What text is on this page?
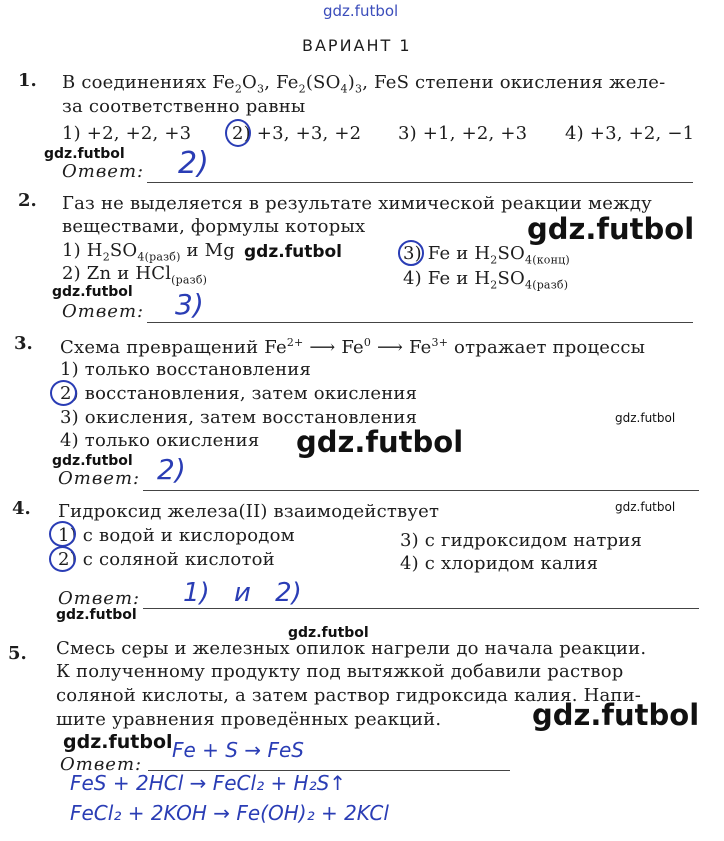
gdz.futbol
ВАРИАНТ 1
1. В соединениях $Fe_2O_3$, $Fe_2(SO_4)_3$, FeS степени окисления желе-
за соответственно равны
1) +2, +2, +3 2) +3, +3, +2 3) +1, +2, +3 4) +3, +2, −1
gdz.futbol
Ответ: 2)
2. Газ не выделяется в результате химической реакции между
веществами, формулы которых
1) $H_2SO_{4(разб)}$ и Mg gdz.futbol
2) Zn и HCl$_{(разб)}$
3) Fe и $H_2SO_{4(конц)}$
4) Fe и $H_2SO_{4(разб)}$
gdz.futbol
gdz.futbol
Ответ: 3)
3. Схема превращений $Fe^{2+}$ ⟶ Fe$^0$ ⟶ $Fe^{3+}$ отражает процессы
1) только восстановления
2) восстановления, затем окисления
3) окисления, затем восстановления
4) только окисления
gdz.futbol
gdz.futbol
gdz.futbol
Ответ: 2)
4. Гидроксид железа(II) взаимодействует	gdz.futbol
1) с водой и кислородом
2) с соляной кислотой
3) с гидроксидом натрия
4) с хлоридом калия
Ответ: 1) и 2)
gdz.futbol
gdz.futbol
5. Смесь серы и железных опилок нагрели до начала реакции.
К полученному продукту под вытяжкой добавили раствор
соляной кислоты, а затем раствор гидроксида калия. Напи-
шите уравнения проведённых реакций.	gdz.futbol
gdz.futbol
Ответ:
Fe + S → FeS
FeS + 2HCl → FeCl₂ + H₂S↑
FeCl₂ + 2KOH → Fe(OH)₂ + 2KCl
